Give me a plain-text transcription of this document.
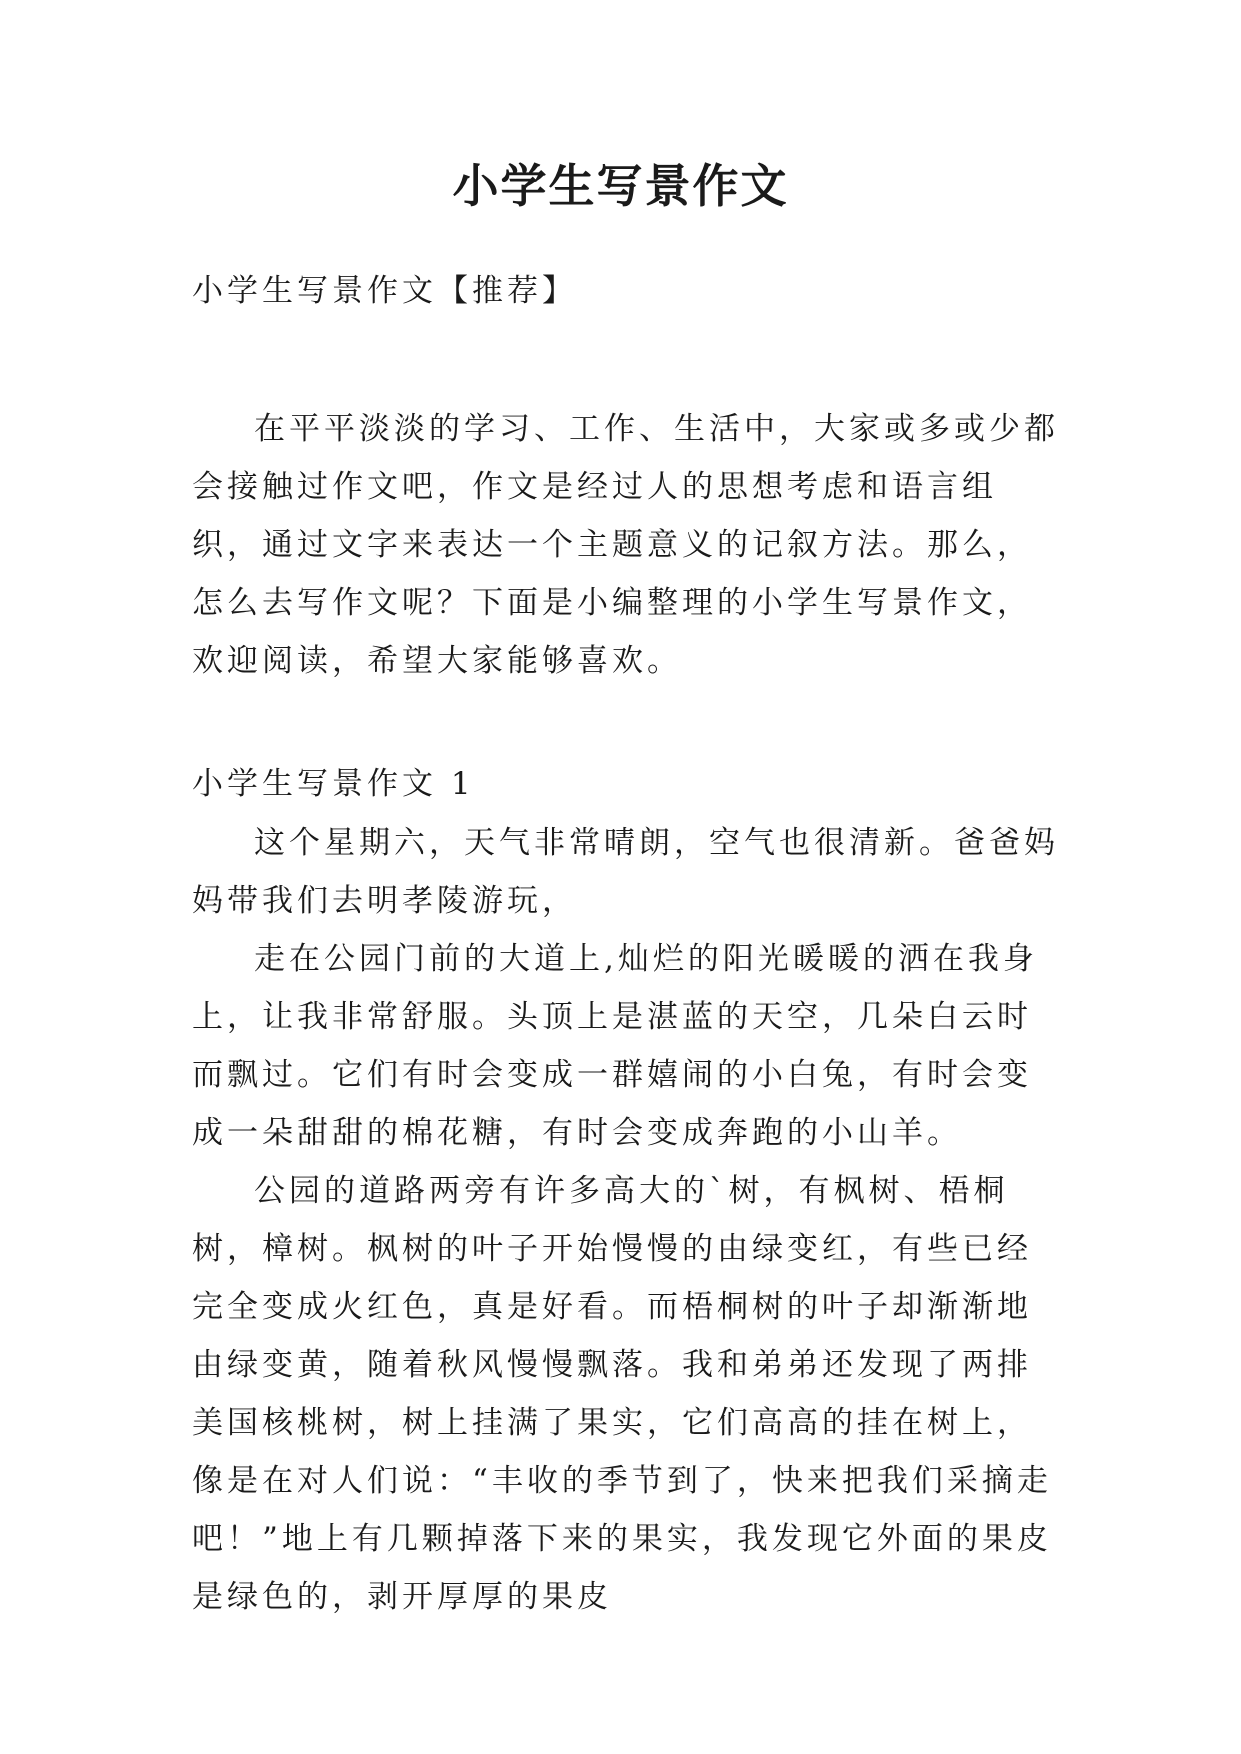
小学生写景作文

小学生写景作文【推荐】

在平平淡淡的学习、工作、生活中，大家或多或少都会接触过作文吧，作文是经过人的思想考虑和语言组织，通过文字来表达一个主题意义的记叙方法。那么，怎么去写作文呢？下面是小编整理的小学生写景作文，欢迎阅读，希望大家能够喜欢。

小学生写景作文 1

这个星期六，天气非常晴朗，空气也很清新。爸爸妈妈带我们去明孝陵游玩，

走在公园门前的大道上,灿烂的阳光暖暖的洒在我身上，让我非常舒服。头顶上是湛蓝的天空，几朵白云时而飘过。它们有时会变成一群嬉闹的小白兔，有时会变成一朵甜甜的棉花糖，有时会变成奔跑的小山羊。

公园的道路两旁有许多高大的`树，有枫树、梧桐树，樟树。枫树的叶子开始慢慢的由绿变红，有些已经完全变成火红色，真是好看。而梧桐树的叶子却渐渐地由绿变黄，随着秋风慢慢飘落。我和弟弟还发现了两排美国核桃树，树上挂满了果实，它们高高的挂在树上，像是在对人们说：“丰收的季节到了，快来把我们采摘走吧！”地上有几颗掉落下来的果实，我发现它外面的果皮是绿色的，剥开厚厚的果皮
